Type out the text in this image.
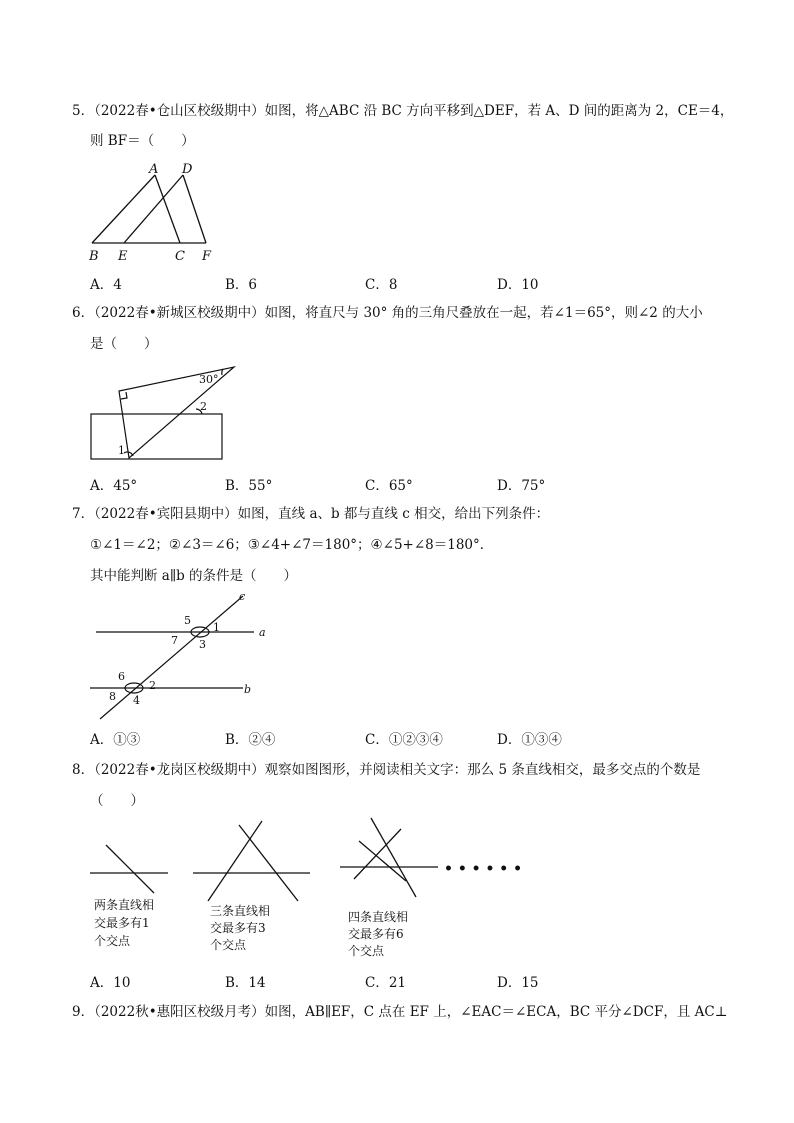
5．（2022春•仓山区校级期中）如图，将△ABC 沿 BC 方向平移到△DEF，若 A、D 间的距离为 2，CE＝4，
则 BF＝（　　）
A D
B E	C F
A．4	B．6	C．8	D．10
6．（2022春•新城区校级期中）如图，将直尺与 30° 角的三角尺叠放在一起，若∠1＝65°，则∠2 的大小
是（　　）
30°
1
2
A．45°	B．55°	C．65°	D．75°
7．（2022春•宾阳县期中）如图，直线 a、b 都与直线 c 相交，给出下列条件：
①∠1＝∠2；②∠3＝∠6；③∠4+∠7＝180°；④∠5+∠8＝180°．
其中能判断 a∥b 的条件是（　　）
c
a
b
1
2
3
4
5
6
7
8
A．①③	B．②④	C．①②③④	D．①③④
8．（2022春•龙岗区校级期中）观察如图图形，并阅读相关文字：那么 5 条直线相交，最多交点的个数是
（　　）
• • • • • •
两条直线相
交最多有1
个交点
三条直线相
交最多有3
个交点
四条直线相
交最多有6
个交点
A．10	B．14	C．21	D．15
9．（2022秋•惠阳区校级月考）如图，AB∥EF，C 点在 EF 上，∠EAC＝∠ECA，BC 平分∠DCF，且 AC⊥
